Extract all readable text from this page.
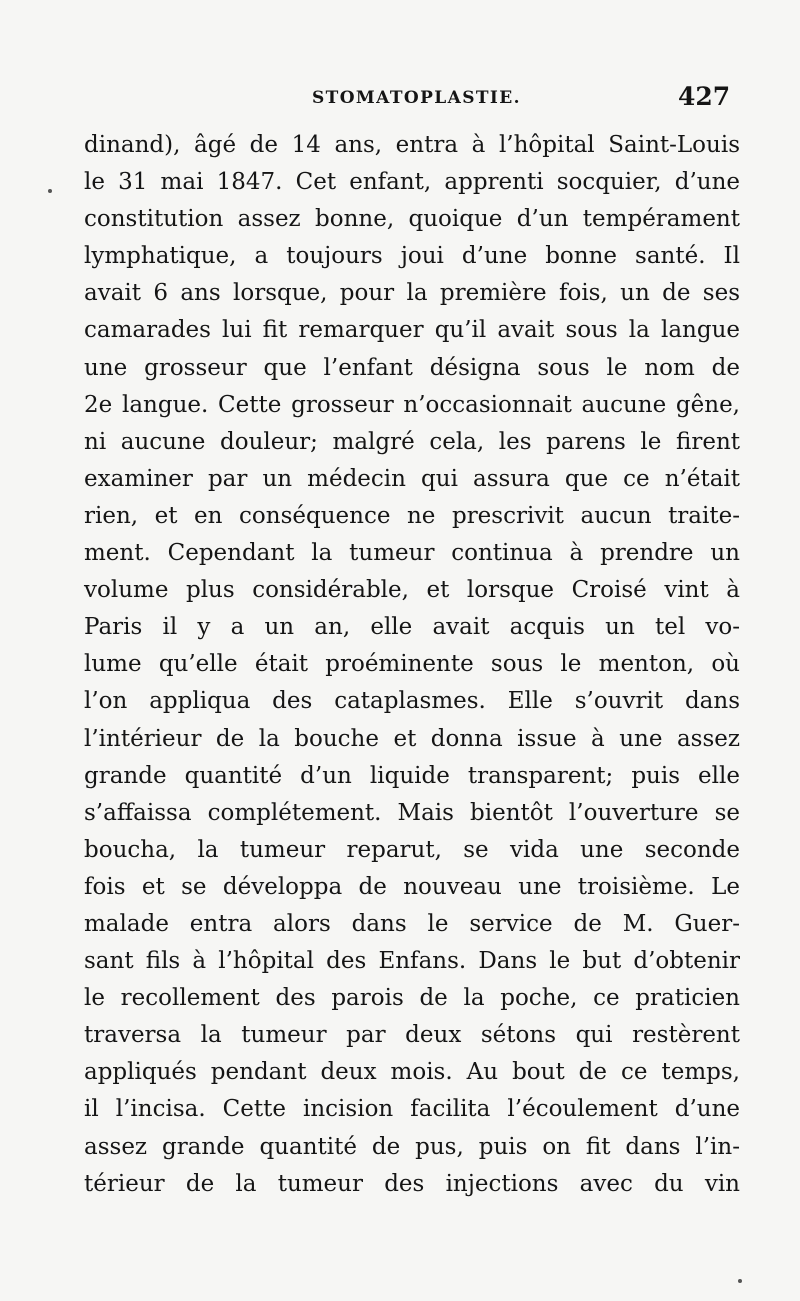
STOMATOPLASTIE.	427
dinand), âgé de 14 ans, entra à l’hôpital Saint-Louis
le 31 mai 1847. Cet enfant, apprenti socquier, d’une
constitution assez bonne, quoique d’un tempérament
lymphatique, a toujours joui d’une bonne santé. Il
avait 6 ans lorsque, pour la première fois, un de ses
camarades lui fit remarquer qu’il avait sous la langue
une grosseur que l’enfant désigna sous le nom de
2e langue. Cette grosseur n’occasionnait aucune gêne,
ni aucune douleur; malgré cela, les parens le firent
examiner par un médecin qui assura que ce n’était
rien, et en conséquence ne prescrivit aucun traite-
ment. Cependant la tumeur continua à prendre un
volume plus considérable, et lorsque Croisé vint à
Paris il y a un an, elle avait acquis un tel vo-
lume qu’elle était proéminente sous le menton, où
l’on appliqua des cataplasmes. Elle s’ouvrit dans
l’intérieur de la bouche et donna issue à une assez
grande quantité d’un liquide transparent; puis elle
s’affaissa complétement. Mais bientôt l’ouverture se
boucha, la tumeur reparut, se vida une seconde
fois et se développa de nouveau une troisième. Le
malade entra alors dans le service de M. Guer-
sant fils à l’hôpital des Enfans. Dans le but d’obtenir
le recollement des parois de la poche, ce praticien
traversa la tumeur par deux sétons qui restèrent
appliqués pendant deux mois. Au bout de ce temps,
il l’incisa. Cette incision facilita l’écoulement d’une
assez grande quantité de pus, puis on fit dans l’in-
térieur de la tumeur des injections avec du vin
